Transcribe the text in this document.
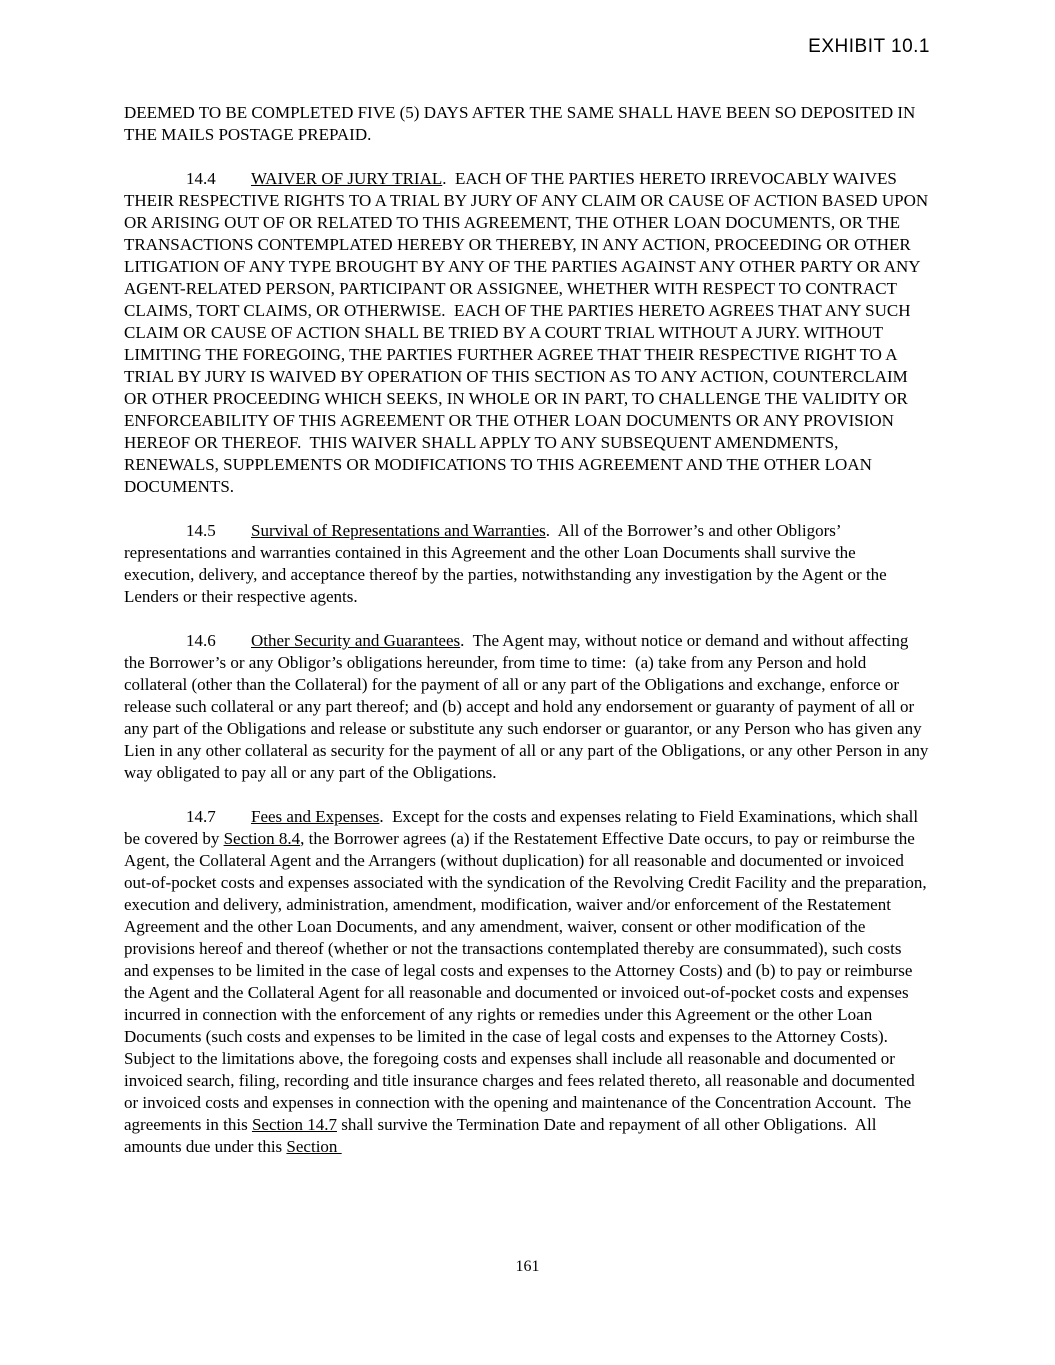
EXHIBIT 10.1

DEEMED TO BE COMPLETED FIVE (5) DAYS AFTER THE SAME SHALL HAVE BEEN SO DEPOSITED IN THE MAILS POSTAGE PREPAID.

14.4 WAIVER OF JURY TRIAL.  EACH OF THE PARTIES HERETO IRREVOCABLY WAIVES THEIR RESPECTIVE RIGHTS TO A TRIAL BY JURY OF ANY CLAIM OR CAUSE OF ACTION BASED UPON OR ARISING OUT OF OR RELATED TO THIS AGREEMENT, THE OTHER LOAN DOCUMENTS, OR THE TRANSACTIONS CONTEMPLATED HEREBY OR THEREBY, IN ANY ACTION, PROCEEDING OR OTHER LITIGATION OF ANY TYPE BROUGHT BY ANY OF THE PARTIES AGAINST ANY OTHER PARTY OR ANY AGENT-RELATED PERSON, PARTICIPANT OR ASSIGNEE, WHETHER WITH RESPECT TO CONTRACT CLAIMS, TORT CLAIMS, OR OTHERWISE.  EACH OF THE PARTIES HERETO AGREES THAT ANY SUCH CLAIM OR CAUSE OF ACTION SHALL BE TRIED BY A COURT TRIAL WITHOUT A JURY. WITHOUT LIMITING THE FOREGOING, THE PARTIES FURTHER AGREE THAT THEIR RESPECTIVE RIGHT TO A TRIAL BY JURY IS WAIVED BY OPERATION OF THIS SECTION AS TO ANY ACTION, COUNTERCLAIM OR OTHER PROCEEDING WHICH SEEKS, IN WHOLE OR IN PART, TO CHALLENGE THE VALIDITY OR ENFORCEABILITY OF THIS AGREEMENT OR THE OTHER LOAN DOCUMENTS OR ANY PROVISION HEREOF OR THEREOF.  THIS WAIVER SHALL APPLY TO ANY SUBSEQUENT AMENDMENTS, RENEWALS, SUPPLEMENTS OR MODIFICATIONS TO THIS AGREEMENT AND THE OTHER LOAN DOCUMENTS.

14.5 Survival of Representations and Warranties.  All of the Borrower’s and other Obligors’ representations and warranties contained in this Agreement and the other Loan Documents shall survive the execution, delivery, and acceptance thereof by the parties, notwithstanding any investigation by the Agent or the Lenders or their respective agents.

14.6 Other Security and Guarantees.  The Agent may, without notice or demand and without affecting the Borrower’s or any Obligor’s obligations hereunder, from time to time:  (a) take from any Person and hold collateral (other than the Collateral) for the payment of all or any part of the Obligations and exchange, enforce or release such collateral or any part thereof; and (b) accept and hold any endorsement or guaranty of payment of all or any part of the Obligations and release or substitute any such endorser or guarantor, or any Person who has given any Lien in any other collateral as security for the payment of all or any part of the Obligations, or any other Person in any way obligated to pay all or any part of the Obligations.

14.7 Fees and Expenses.  Except for the costs and expenses relating to Field Examinations, which shall be covered by Section 8.4, the Borrower agrees (a) if the Restatement Effective Date occurs, to pay or reimburse the Agent, the Collateral Agent and the Arrangers (without duplication) for all reasonable and documented or invoiced out-of-pocket costs and expenses associated with the syndication of the Revolving Credit Facility and the preparation, execution and delivery, administration, amendment, modification, waiver and/or enforcement of the Restatement Agreement and the other Loan Documents, and any amendment, waiver, consent or other modification of the provisions hereof and thereof (whether or not the transactions contemplated thereby are consummated), such costs and expenses to be limited in the case of legal costs and expenses to the Attorney Costs) and (b) to pay or reimburse the Agent and the Collateral Agent for all reasonable and documented or invoiced out-of-pocket costs and expenses incurred in connection with the enforcement of any rights or remedies under this Agreement or the other Loan Documents (such costs and expenses to be limited in the case of legal costs and expenses to the Attorney Costs).  Subject to the limitations above, the foregoing costs and expenses shall include all reasonable and documented or invoiced search, filing, recording and title insurance charges and fees related thereto, all reasonable and documented or invoiced costs and expenses in connection with the opening and maintenance of the Concentration Account.  The agreements in this Section 14.7 shall survive the Termination Date and repayment of all other Obligations.  All amounts due under this Section

161
